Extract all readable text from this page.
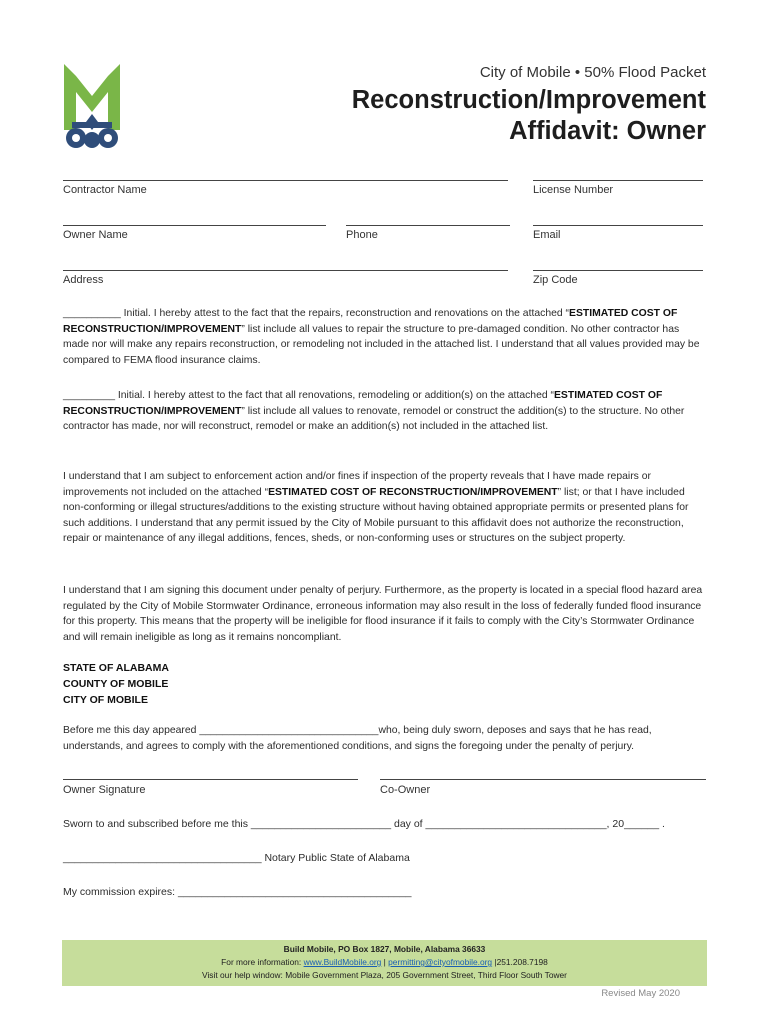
City of Mobile • 50% Flood Packet
Reconstruction/Improvement
Affidavit: Owner
Contractor Name	License Number
Owner Name	Phone	Email
Address	Zip Code
__________ Initial. I hereby attest to the fact that the repairs, reconstruction and renovations on the attached “ESTIMATED COST OF RECONSTRUCTION/IMPROVEMENT” list include all values to repair the structure to pre-damaged condition. No other contractor has made nor will make any repairs reconstruction, or remodeling not included in the attached list. I understand that all values provided may be compared to FEMA flood insurance claims.
_________ Initial. I hereby attest to the fact that all renovations, remodeling or addition(s) on the attached “ESTIMATED COST OF RECONSTRUCTION/IMPROVEMENT” list include all values to renovate, remodel or construct the addition(s) to the structure. No other contractor has made, nor will reconstruct, remodel or make an addition(s) not included in the attached list.
I understand that I am subject to enforcement action and/or fines if inspection of the property reveals that I have made repairs or improvements not included on the attached “ESTIMATED COST OF RECONSTRUCTION/IMPROVEMENT” list; or that I have included non-conforming or illegal structures/additions to the existing structure without having obtained appropriate permits or presented plans for such additions. I understand that any permit issued by the City of Mobile pursuant to this affidavit does not authorize the reconstruction, repair or maintenance of any illegal additions, fences, sheds, or non-conforming uses or structures on the subject property.
I understand that I am signing this document under penalty of perjury. Furthermore, as the property is located in a special flood hazard area regulated by the City of Mobile Stormwater Ordinance, erroneous information may also result in the loss of federally funded flood insurance for this property. This means that the property will be ineligible for flood insurance if it fails to comply with the City’s Stormwater Ordinance and will remain ineligible as long as it remains noncompliant.
STATE OF ALABAMA
COUNTY OF MOBILE
CITY OF MOBILE
Before me this day appeared _______________________________who, being duly sworn, deposes and says that he has read, understands, and agrees to comply with the aforementioned conditions, and signs the foregoing under the penalty of perjury.
Owner Signature	Co-Owner
Sworn to and subscribed before me this ________________________ day of _______________________________, 20______ .
__________________________________ Notary Public State of Alabama
My commission expires: ________________________________________
Build Mobile, PO Box 1827, Mobile, Alabama 36633
For more information: www.BuildMobile.org | permitting@cityofmobile.org |251.208.7198
Visit our help window: Mobile Government Plaza, 205 Government Street, Third Floor South Tower
Revised May 2020
